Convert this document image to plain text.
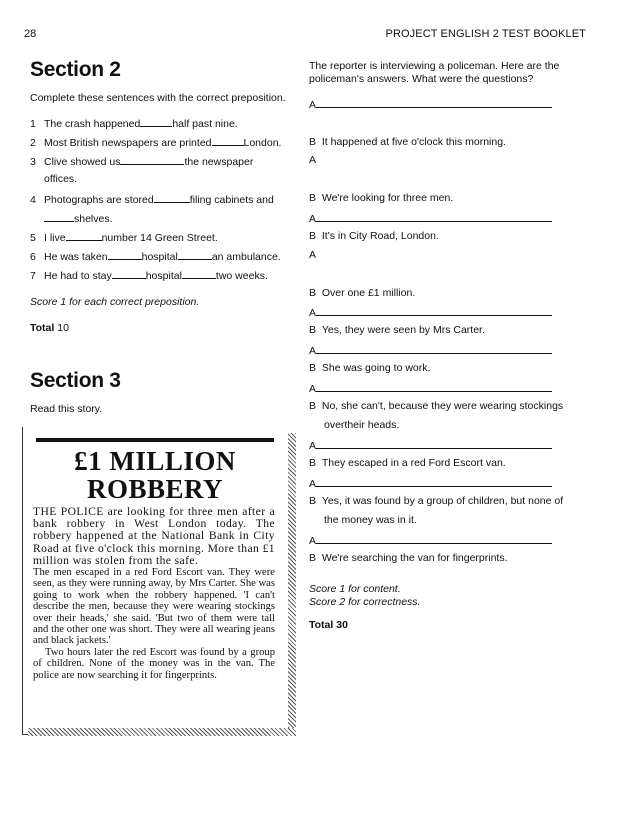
28	PROJECT ENGLISH 2 TEST BOOKLET
Section 2
Complete these sentences with the correct preposition.
1 The crash happened	half past nine.
2 Most British newspapers are printed	London.
3 Clive showed us	the newspaper
offices.
4 Photographs are stored	filing cabinets and
shelves.
5 I live	number 14 Green Street.
6 He was taken	hospital	an ambulance.
7 He had to stay	hospital	two weeks.
Score 1 for each correct preposition.
Total 10
Section 3
Read this story.
£1 MILLION
ROBBERY

THE POLICE are looking for three men after a bank robbery in West London today. The robbery happened at the National Bank in City Road at five o'clock this morning. More than £1 million was stolen from the safe.

The men escaped in a red Ford Escort van. They were seen, as they were running away, by Mrs Carter. She was going to work when the robbery happened. 'I can't describe the men, because they were wearing stockings over their heads,' she said. 'But two of them were tall and the other one was short. They were all wearing jeans and black jackets.'

Two hours later the red Escort was found by a group of children. None of the money was in the van. The police are now searching it for fingerprints.

The reporter is interviewing a policeman. Here are the
policeman's answers. What were the questions?
A
B It happened at five o'clock this morning.
A
B We're looking for three men.
A
B It's in City Road, London.
A
B Over one £1 million.
A
B Yes, they were seen by Mrs Carter.
A
B She was going to work.
A
B No, she can't, because they were wearing stockings
overtheir heads.
A
B They escaped in a red Ford Escort van.
A
B Yes, it was found by a group of children, but none of
the money was in it.
A
B We're searching the van for fingerprints.
Score 1 for content.
Score 2 for correctness.
Total 30
